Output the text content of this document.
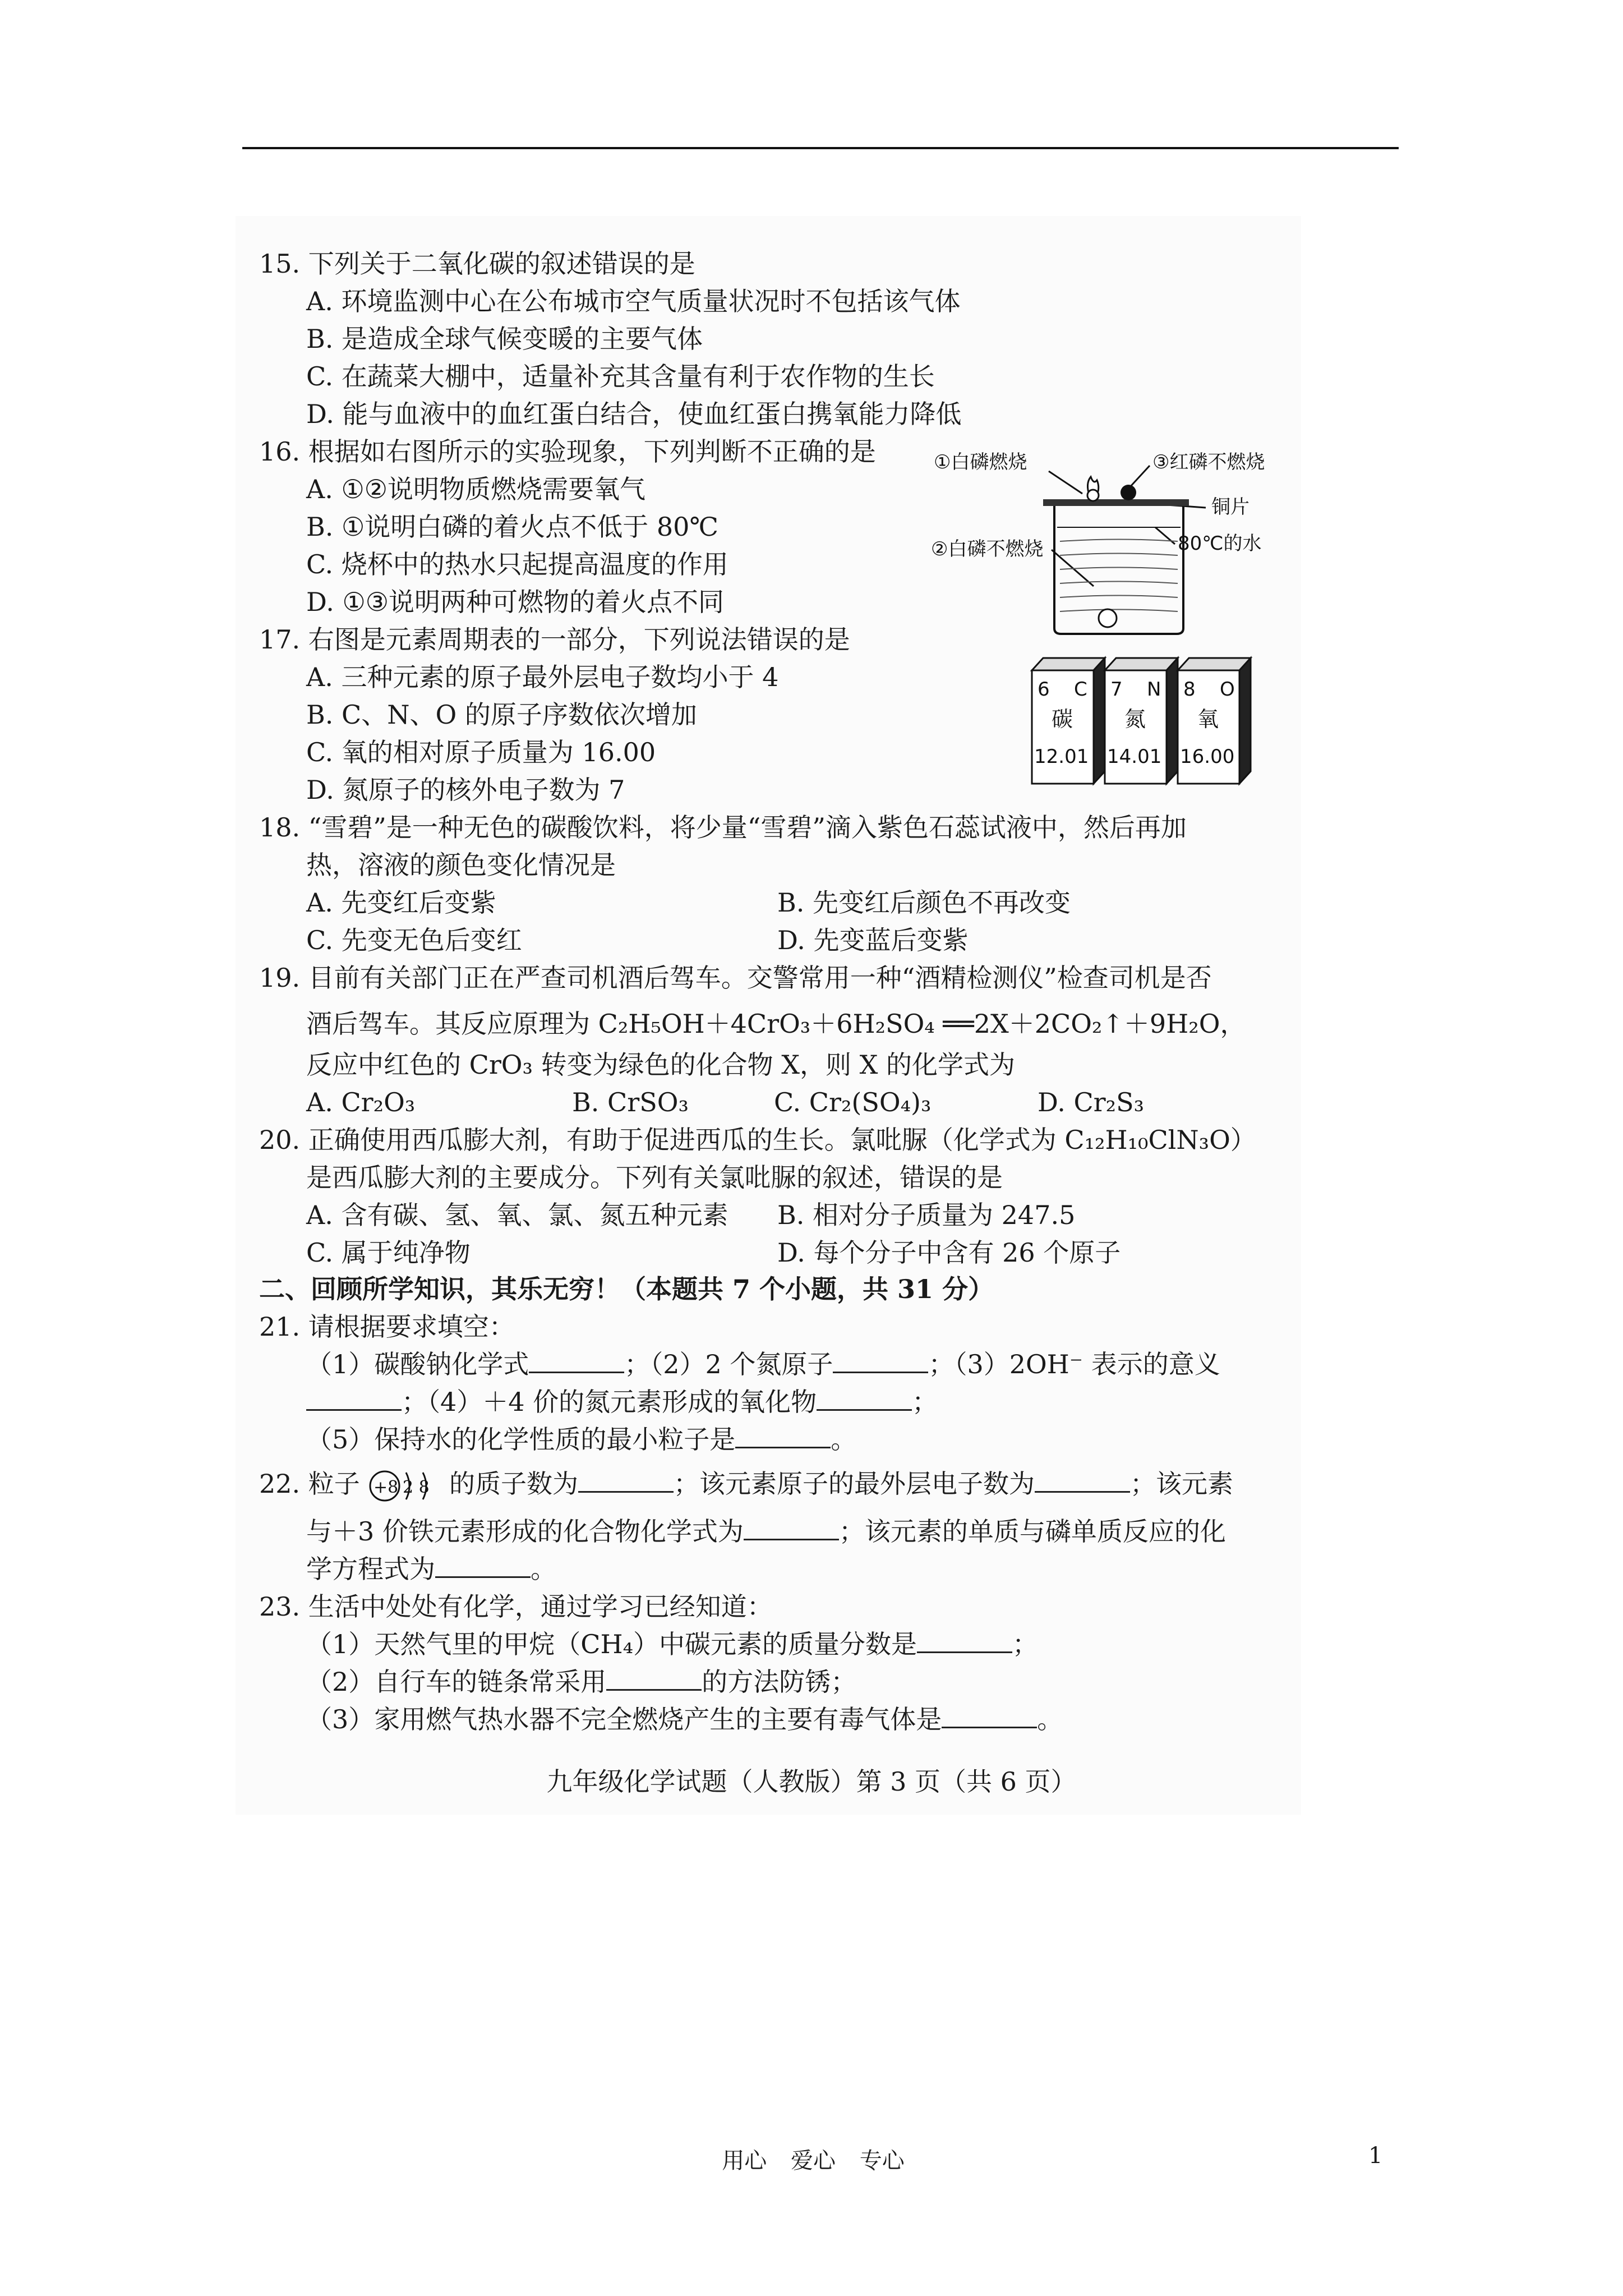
15. 下列关于二氧化碳的叙述错误的是
A. 环境监测中心在公布城市空气质量状况时不包括该气体
B. 是造成全球气候变暖的主要气体
C. 在蔬菜大棚中，适量补充其含量有利于农作物的生长
D. 能与血液中的血红蛋白结合，使血红蛋白携氧能力降低
16. 根据如右图所示的实验现象，下列判断不正确的是
A. ①②说明物质燃烧需要氧气
B. ①说明白磷的着火点不低于 80℃
C. 烧杯中的热水只起提高温度的作用
D. ①③说明两种可燃物的着火点不同
①白磷燃烧	③红磷不燃烧
铜片
②白磷不燃烧	80℃的水
17. 右图是元素周期表的一部分，下列说法错误的是
A. 三种元素的原子最外层电子数均小于 4
B. C、N、O 的原子序数依次增加
C. 氧的相对原子质量为 16.00
D. 氮原子的核外电子数为 7
6 C
碳
12.01
7 N
氮
14.01
8 O
氧
16.00
18. “雪碧”是一种无色的碳酸饮料，将少量“雪碧”滴入紫色石蕊试液中，然后再加
热，溶液的颜色变化情况是
A. 先变红后变紫	B. 先变红后颜色不再改变
C. 先变无色后变红	D. 先变蓝后变紫
19. 目前有关部门正在严查司机酒后驾车。交警常用一种“酒精检测仪”检查司机是否
酒后驾车。其反应原理为 C₂H₅OH＋4CrO₃＋6H₂SO₄ ══2X＋2CO₂↑＋9H₂O，
反应中红色的 CrO₃ 转变为绿色的化合物 X，则 X 的化学式为
A. Cr₂O₃	B. CrSO₃	C. Cr₂(SO₄)₃	D. Cr₂S₃
20. 正确使用西瓜膨大剂，有助于促进西瓜的生长。氯吡脲（化学式为 C₁₂H₁₀ClN₃O）
是西瓜膨大剂的主要成分。下列有关氯吡脲的叙述，错误的是
A. 含有碳、氢、氧、氯、氮五种元素 B. 相对分子质量为 247.5
C. 属于纯净物	D. 每个分子中含有 26 个原子
二、回顾所学知识，其乐无穷！（本题共 7 个小题，共 31 分）
21. 请根据要求填空：
（1）碳酸钠化学式	；（2）2 个氮原子	；（3）2OH⁻ 表示的意义
；（4）＋4 价的氮元素形成的氧化物	；
（5）保持水的化学性质的最小粒子是	。
22. 粒子 +8 2 8 的质子数为	；该元素原子的最外层电子数为	；该元素
与＋3 价铁元素形成的化合物化学式为	；该元素的单质与磷单质反应的化
学方程式为	。
23. 生活中处处有化学，通过学习已经知道：
（1）天然气里的甲烷（CH₄）中碳元素的质量分数是	；
（2）自行车的链条常采用	的方法防锈；
（3）家用燃气热水器不完全燃烧产生的主要有毒气体是	。
九年级化学试题（人教版）第 3 页（共 6 页）
用心 爱心 专心	1
